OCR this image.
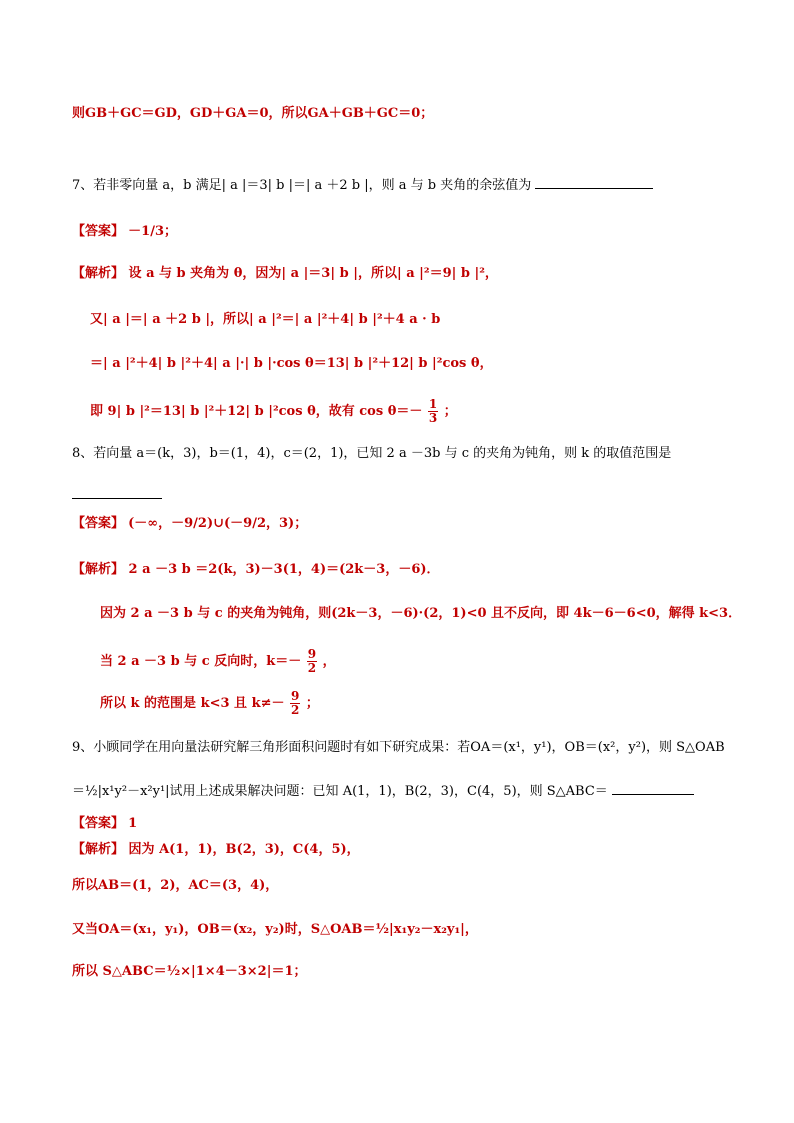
则GB＋GC＝GD，GD＋GA＝0，所以GA＋GB＋GC＝0；
7、若非零向量 a，b 满足| a |＝3| b |＝| a ＋2 b |，则 a 与 b 夹角的余弦值为
【答案】 －1/3；
【解析】 设 a 与 b 夹角为 θ，因为| a |＝3| b |，所以| a |²＝9| b |²，
又| a |＝| a ＋2 b |，所以| a |²＝| a |²＋4| b |²＋4 a · b
＝| a |²＋4| b |²＋4| a |·| b |·cos θ＝13| b |²＋12| b |²cos θ，
即 9| b |²＝13| b |²＋12| b |²cos θ，故有 $\cos \theta=- \frac{1}{3}$ ；
8、若向量 a＝(k，3)，b＝(1，4)，c＝(2，1)，已知 2 a －3b 与 c 的夹角为钝角，则 k 的取值范围是
【答案】 (－∞，－9/2)∪(－9/2，3)；
【解析】 2 a －3 b ＝2(k，3)－3(1，4)＝(2k－3，－6)．
因为 2 a －3 b 与 c 的夹角为钝角，则(2k－3，－6)·(2，1)<0 且不反向，即 4k－6－6<0，解得 k<3．
当 2 a －3 b 与 c 反向时，$k=- \frac{9}{2}$ ，
所以 k 的范围是 k<3 且 $k\ne- \frac{9}{2}$ ；
9、小顾同学在用向量法研究解三角形面积问题时有如下研究成果：若OA＝(x¹，y¹)，OB＝(x²，y²)，则 S△OAB
＝½|x¹y²－x²y¹|试用上述成果解决问题：已知 A(1，1)，B(2，3)，C(4，5)，则 S△ABC＝
【答案】 1
【解析】 因为 A(1，1)，B(2，3)，C(4，5)，
所以AB＝(1，2)，AC＝(3，4)，
又当OA＝(x₁，y₁)，OB＝(x₂，y₂)时，S△OAB＝½|x₁y₂－x₂y₁|，
所以 S△ABC＝½×|1×4－3×2|＝1；
